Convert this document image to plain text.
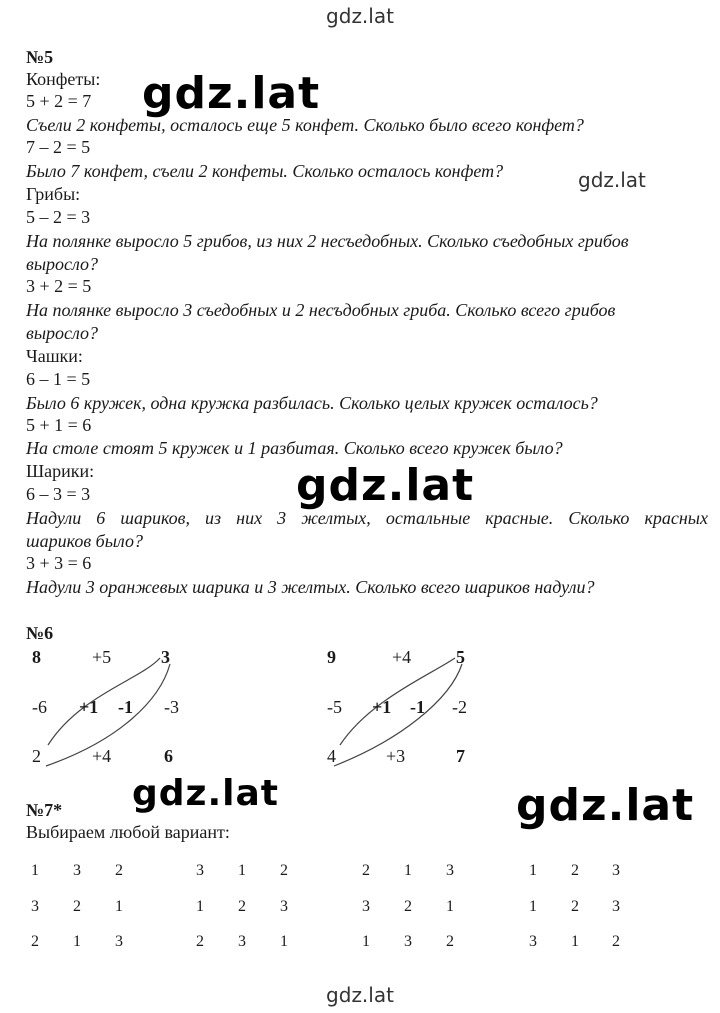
gdz.lat
gdz.lat
gdz.lat
№5
Конфеты:
5 + 2 = 7
Съели 2 конфеты, осталось еще 5 конфет. Сколько было всего конфет?
7 – 2 = 5
Было 7 конфет, съели 2 конфеты. Сколько осталось конфет?
Грибы:
5 – 2 = 3
На полянке выросло 5 грибов, из них 2 несъедобных. Сколько съедобных грибов
выросло?
3 + 2 = 5
На полянке выросло 3 съедобных и 2 несъдобных гриба. Сколько всего грибов
выросло?
Чашки:
6 – 1 = 5
Было 6 кружек, одна кружка разбилась. Сколько целых кружек осталось?
5 + 1 = 6
На столе стоят 5 кружек и 1 разбитая. Сколько всего кружек было?
Шарики:
6 – 3 = 3
Надули 6 шариков, из них 3 желтых, остальные красные. Сколько красных
шариков было?
3 + 3 = 6
Надули 3 оранжевых шарика и 3 желтых. Сколько всего шариков надули?
gdz.lat
№6
8	+5	3
-6 +1 -1 -3
2	+4	6
9	+4 5
-5 +1 -1 -2
4	+3	7
gdz.lat	gdz.lat
№7*
Выбираем любой вариант:
1 3 2
3 2 1
2 1 3
3 1 2
1 2 3
2 3 1
2 1 3
3 2 1
1 3 2
1 2 3
1 2 3
3 1 2
gdz.lat
